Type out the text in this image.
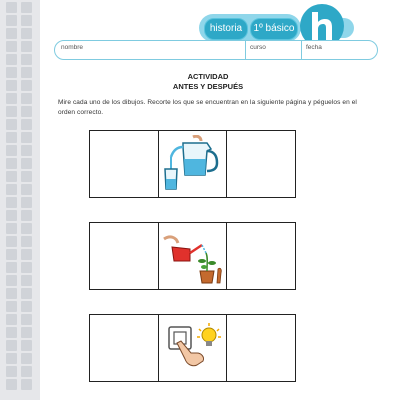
historia	1º básico
nombre	curso	fecha
ACTIVIDAD
ANTES Y DESPUÉS
Mire cada uno de los dibujos. Recorte los que se encuentran en la siguiente página y péguelos en el orden correcto.
